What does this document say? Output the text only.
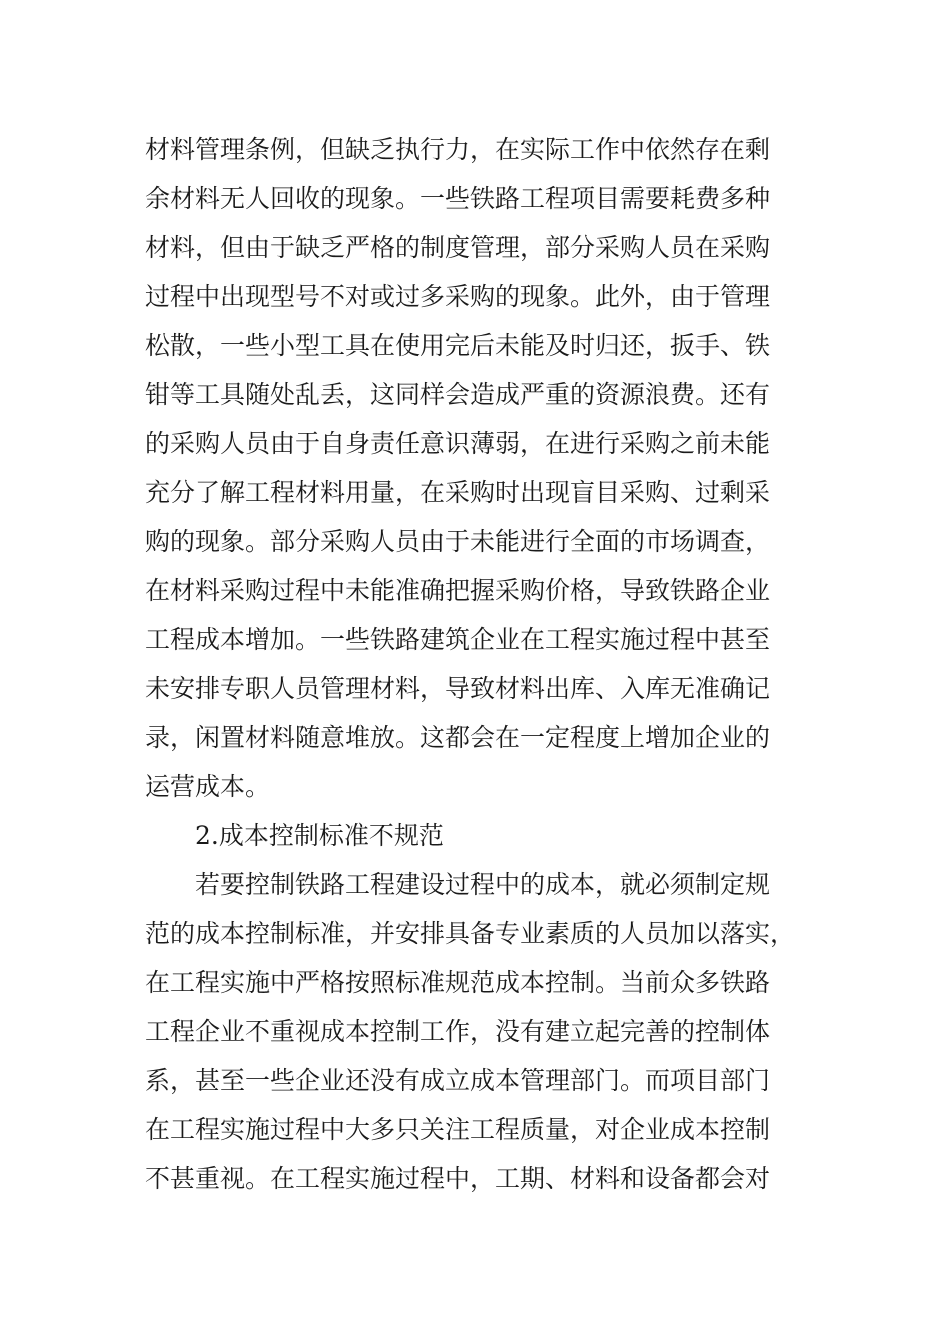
材料管理条例，但缺乏执行力，在实际工作中依然存在剩
余材料无人回收的现象。一些铁路工程项目需要耗费多种
材料，但由于缺乏严格的制度管理，部分采购人员在采购
过程中出现型号不对或过多采购的现象。此外，由于管理
松散，一些小型工具在使用完后未能及时归还，扳手、铁
钳等工具随处乱丢，这同样会造成严重的资源浪费。还有
的采购人员由于自身责任意识薄弱，在进行采购之前未能
充分了解工程材料用量，在采购时出现盲目采购、过剩采
购的现象。部分采购人员由于未能进行全面的市场调查，
在材料采购过程中未能准确把握采购价格，导致铁路企业
工程成本增加。一些铁路建筑企业在工程实施过程中甚至
未安排专职人员管理材料，导致材料出库、入库无准确记
录，闲置材料随意堆放。这都会在一定程度上增加企业的
运营成本。
2.成本控制标准不规范
若要控制铁路工程建设过程中的成本，就必须制定规
范的成本控制标准，并安排具备专业素质的人员加以落实，
在工程实施中严格按照标准规范成本控制。当前众多铁路
工程企业不重视成本控制工作，没有建立起完善的控制体
系，甚至一些企业还没有成立成本管理部门。而项目部门
在工程实施过程中大多只关注工程质量，对企业成本控制
不甚重视。在工程实施过程中，工期、材料和设备都会对
